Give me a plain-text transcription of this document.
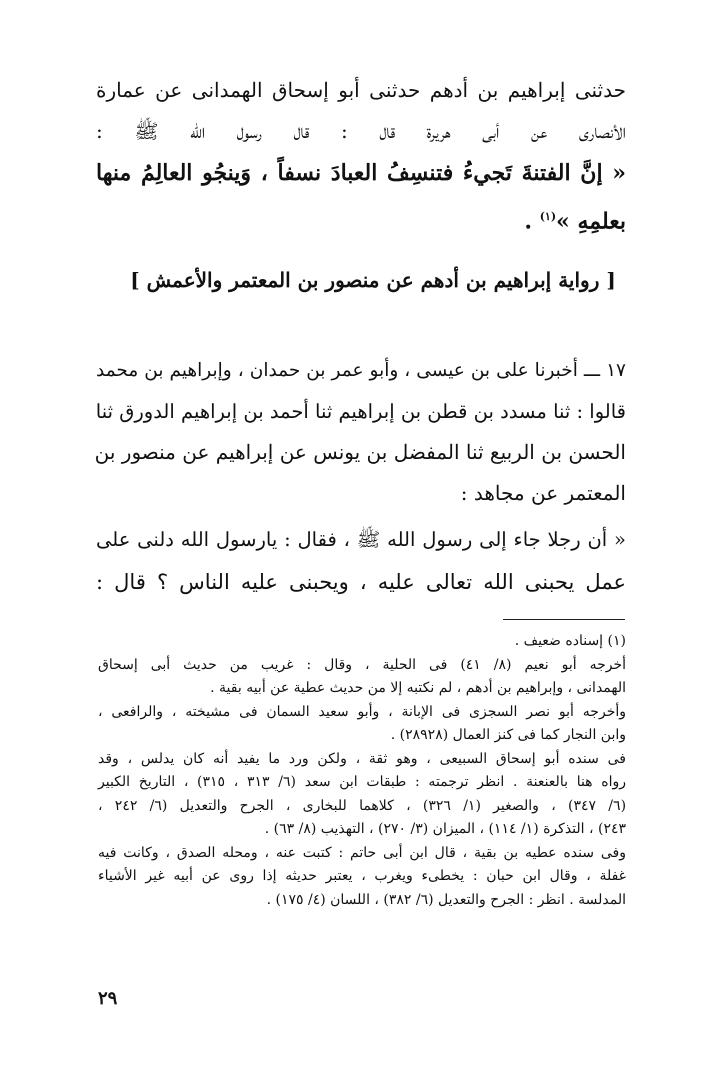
حدثنى إبراهيم بن أدهم حدثنى أبو إسحاق الهمدانى عن عمارة
الأنصارى عن أبى هريرة قال : قال رسول الله ﷺ :
« إنَّ الفتنةَ تَجيءُ فتنسِفُ العبادَ نسفاً ، وَينجُو العالِمُ منها
بعلمِهِ »$^{(١)}$ .
[ رواية إبراهيم بن أدهم عن منصور بن المعتمر والأعمش ]
١٧ ـــ أخبرنا على بن عيسى ، وأبو عمر بن حمدان ، وإبراهيم بن محمد
قالوا : ثنا مسدد بن قطن بن إبراهيم ثنا أحمد بن إبراهيم الدورق ثنا
الحسن بن الربيع ثنا المفضل بن يونس عن إبراهيم عن منصور بن
المعتمر عن مجاهد :
« أن رجلا جاء إلى رسول الله ﷺ ، فقال : يارسول الله دلنى على
عمل يحبنى الله تعالى عليه ، ويحبنى عليه الناس ؟ قال :
(١) إسناده ضعيف .
أخرجه أبو نعيم (٨/ ٤١) فى الحلية ، وقال : غريب من حديث أبى إسحاق
الهمدانى ، وإبراهيم بن أدهم ، لم نكتبه إلا من حديث عطية عن أبيه بقية .
وأخرجه أبو نصر السجزى فى الإبانة ، وأبو سعيد السمان فى مشيخته ، والرافعى ،
وابن النجار كما فى كنز العمال (٢٨٩٢٨) .
فى سنده أبو إسحاق السبيعى ، وهو ثقة ، ولكن ورد ما يفيد أنه كان يدلس ، وقد
رواه هنا بالعنعنة . انظر ترجمته : طبقات ابن سعد (٦/ ٣١٣ ، ٣١٥) ، التاريخ الكبير
(٦/ ٣٤٧) ، والصغير (١/ ٣٢٦) ، كلاهما للبخارى ، الجرح والتعديل (٦/ ٢٤٢ ،
٢٤٣) ، التذكرة (١/ ١١٤) ، الميزان (٣/ ٢٧٠) ، التهذيب (٨/ ٦٣) .
وفى سنده عطيه بن بقية ، قال ابن أبى حاتم : كتبت عنه ، ومحله الصدق ، وكانت فيه
غفلة ، وقال ابن حبان : يخطىء ويغرب ، يعتبر حديثه إذا روى عن أبيه غير الأشياء
المدلسة . انظر : الجرح والتعديل (٦/ ٣٨٢) ، اللسان (٤/ ١٧٥) .
٢٩
